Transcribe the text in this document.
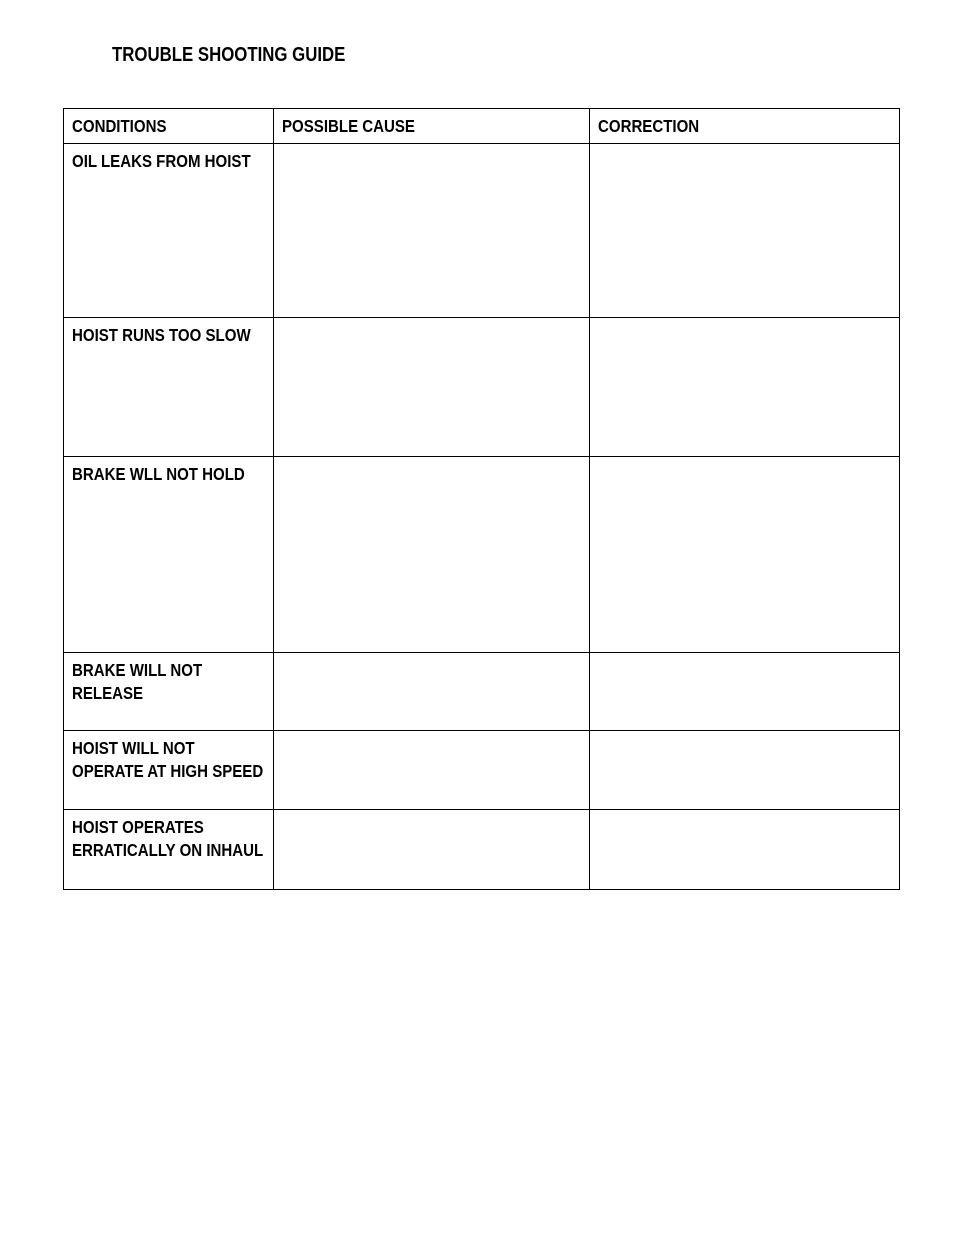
TROUBLE SHOOTING GUIDE
CONDITIONS	POSSIBLE CAUSE	CORRECTION

OIL LEAKS FROM HOIST		

HOIST RUNS TOO SLOW		

BRAKE WLL NOT HOLD		

BRAKE WILL NOT RELEASE		

HOIST WILL NOT OPERATE AT HIGH SPEED		

HOIST OPERATES ERRATICALLY ON INHAUL		
